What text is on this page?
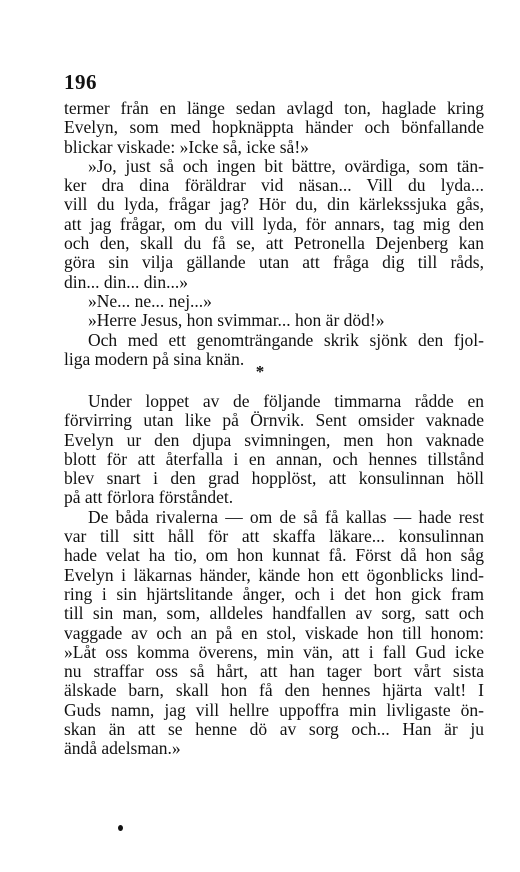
196
termer från en länge sedan avlagd ton, haglade kring
Evelyn, som med hopknäppta händer och bönfallande
blickar viskade: »Icke så, icke så!»
»Jo, just så och ingen bit bättre, ovärdiga, som tän-
ker dra dina föräldrar vid näsan... Vill du lyda...
vill du lyda, frågar jag? Hör du, din kärlekssjuka gås,
att jag frågar, om du vill lyda, för annars, tag mig den
och den, skall du få se, att Petronella Dejenberg kan
göra sin vilja gällande utan att fråga dig till råds,
din... din... din...»
»Ne... ne... nej...»
»Herre Jesus, hon svimmar... hon är död!»
Och med ett genomträngande skrik sjönk den fjol-
liga modern på sina knän.
*
Under loppet av de följande timmarna rådde en
förvirring utan like på Örnvik. Sent omsider vaknade
Evelyn ur den djupa svimningen, men hon vaknade
blott för att återfalla i en annan, och hennes tillstånd
blev snart i den grad hopplöst, att konsulinnan höll
på att förlora förståndet.
De båda rivalerna — om de så få kallas — hade rest
var till sitt håll för att skaffa läkare... konsulinnan
hade velat ha tio, om hon kunnat få. Först då hon såg
Evelyn i läkarnas händer, kände hon ett ögonblicks lind-
ring i sin hjärtslitande ånger, och i det hon gick fram
till sin man, som, alldeles handfallen av sorg, satt och
vaggade av och an på en stol, viskade hon till honom:
»Låt oss komma överens, min vän, att i fall Gud icke
nu straffar oss så hårt, att han tager bort vårt sista
älskade barn, skall hon få den hennes hjärta valt! I
Guds namn, jag vill hellre uppoffra min livligaste ön-
skan än att se henne dö av sorg och... Han är ju
ändå adelsman.»
